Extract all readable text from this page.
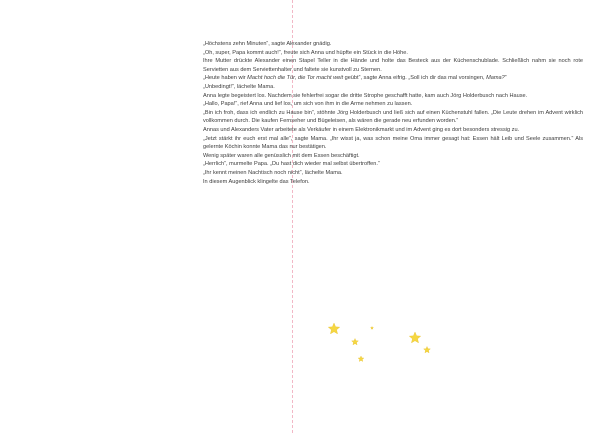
„Höchstens zehn Minuten“, sagte Alexander gnädig.

„Oh, super, Papa kommt auch!“, freute sich Anna und hüpfte ein Stück in die Höhe.

Ihre Mutter drückte Alexander einen Stapel Teller in die Hände und holte das Besteck aus der Küchenschublade. Schließlich nahm sie noch rote Servietten aus dem Serviettenhalter und faltete sie kunstvoll zu Sternen.

„Heute haben wir Macht hoch die Tür, die Tor macht weit geübt“, sagte Anna eifrig. „Soll ich dir das mal vorsingen, Mama?“

„Unbedingt!“, lächelte Mama.

Anna legte begeistert los. Nachdem sie fehlerfrei sogar die dritte Strophe geschafft hatte, kam auch Jörg Holderbusch nach Hause.

„Hallo, Papa!“, rief Anna und lief los, um sich von ihm in die Arme nehmen zu lassen.

„Bin ich froh, dass ich endlich zu Hause bin“, stöhnte Jörg Holderbusch und ließ sich auf einen Küchenstuhl fallen. „Die Leute drehen im Advent wirklich vollkommen durch. Die kaufen Fernseher und Bügeleisen, als wären die gerade neu erfunden worden.“

Annas und Alexanders Vater arbeitete als Verkäufer in einem Elektronikmarkt und im Advent ging es dort besonders stressig zu.

„Jetzt stärkt ihr euch erst mal alle“, sagte Mama. „Ihr wisst ja, was schon meine Oma immer gesagt hat: Essen hält Leib und Seele zusammen.“ Als gelernte Köchin konnte Mama das nur bestätigen.

Wenig später waren alle genüsslich mit dem Essen beschäftigt.

„Herrlich“, murmelte Papa. „Du hast dich wieder mal selbst übertroffen.“

„Ihr kennt meinen Nachtisch noch nicht“, lächelte Mama.

In diesem Augenblick klingelte das Telefon.
